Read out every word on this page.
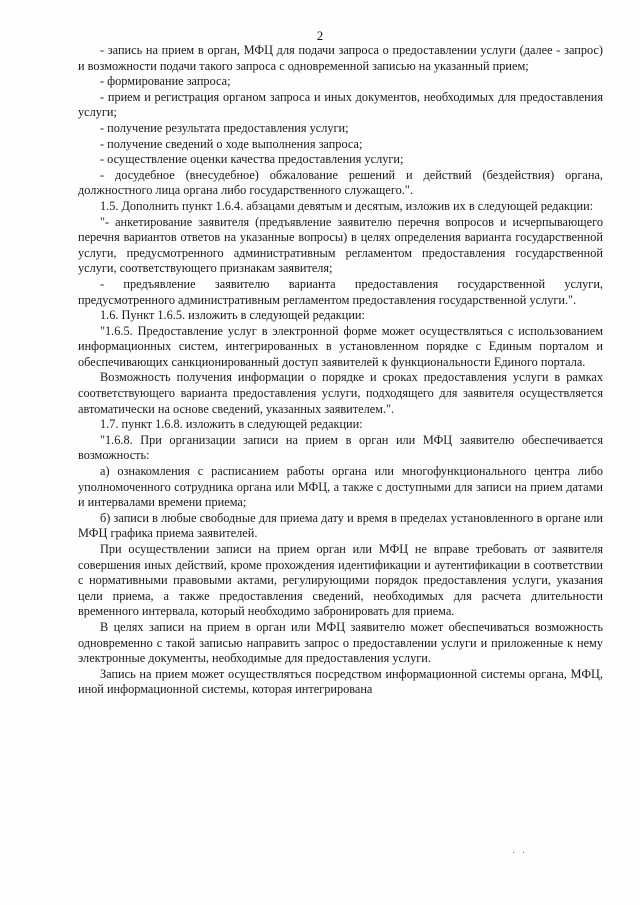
2

- запись на прием в орган, МФЦ для подачи запроса о предоставлении услуги (далее - запрос) и возможности подачи такого запроса с одновременной записью на указанный прием;

- формирование запроса;

- прием и регистрация органом запроса и иных документов, необходимых для предоставления услуги;

- получение результата предоставления услуги;

- получение сведений о ходе выполнения запроса;

- осуществление оценки качества предоставления услуги;

- досудебное (внесудебное) обжалование решений и действий (бездействия) органа, должностного лица органа либо государственного служащего.".

1.5. Дополнить пункт 1.6.4. абзацами девятым и десятым, изложив их в следующей редакции:

"- анкетирование заявителя (предъявление заявителю перечня вопросов и исчерпывающего перечня вариантов ответов на указанные вопросы) в целях определения варианта государственной услуги, предусмотренного административным регламентом предоставления государственной услуги, соответствующего признакам заявителя;

- предъявление заявителю варианта предоставления государственной услуги, предусмотренного административным регламентом предоставления государственной услуги.".

1.6. Пункт 1.6.5. изложить в следующей редакции:

"1.6.5. Предоставление услуг в электронной форме может осуществляться с использованием информационных систем, интегрированных в установленном порядке с Единым порталом и обеспечивающих санкционированный доступ заявителей к функциональности Единого портала.

Возможность получения информации о порядке и сроках предоставления услуги в рамках соответствующего варианта предоставления услуги, подходящего для заявителя осуществляется автоматически на основе сведений, указанных заявителем.".

1.7. пункт 1.6.8. изложить в следующей редакции:

"1.6.8. При организации записи на прием в орган или МФЦ заявителю обеспечивается возможность:

а) ознакомления с расписанием работы органа или многофункционального центра либо уполномоченного сотрудника органа или МФЦ, а также с доступными для записи на прием датами и интервалами времени приема;

б) записи в любые свободные для приема дату и время в пределах установленного в органе или МФЦ графика приема заявителей.

При осуществлении записи на прием орган или МФЦ не вправе требовать от заявителя совершения иных действий, кроме прохождения идентификации и аутентификации в соответствии с нормативными правовыми актами, регулирующими порядок предоставления услуги, указания цели приема, а также предоставления сведений, необходимых для расчета длительности временного интервала, который необходимо забронировать для приема.

В целях записи на прием в орган или МФЦ заявителю может обеспечиваться возможность одновременно с такой записью направить запрос о предоставлении услуги и приложенные к нему электронные документы, необходимые для предоставления услуги.

Запись на прием может осуществляться посредством информационной системы органа, МФЦ, иной информационной системы, которая интегрирована

· ·
